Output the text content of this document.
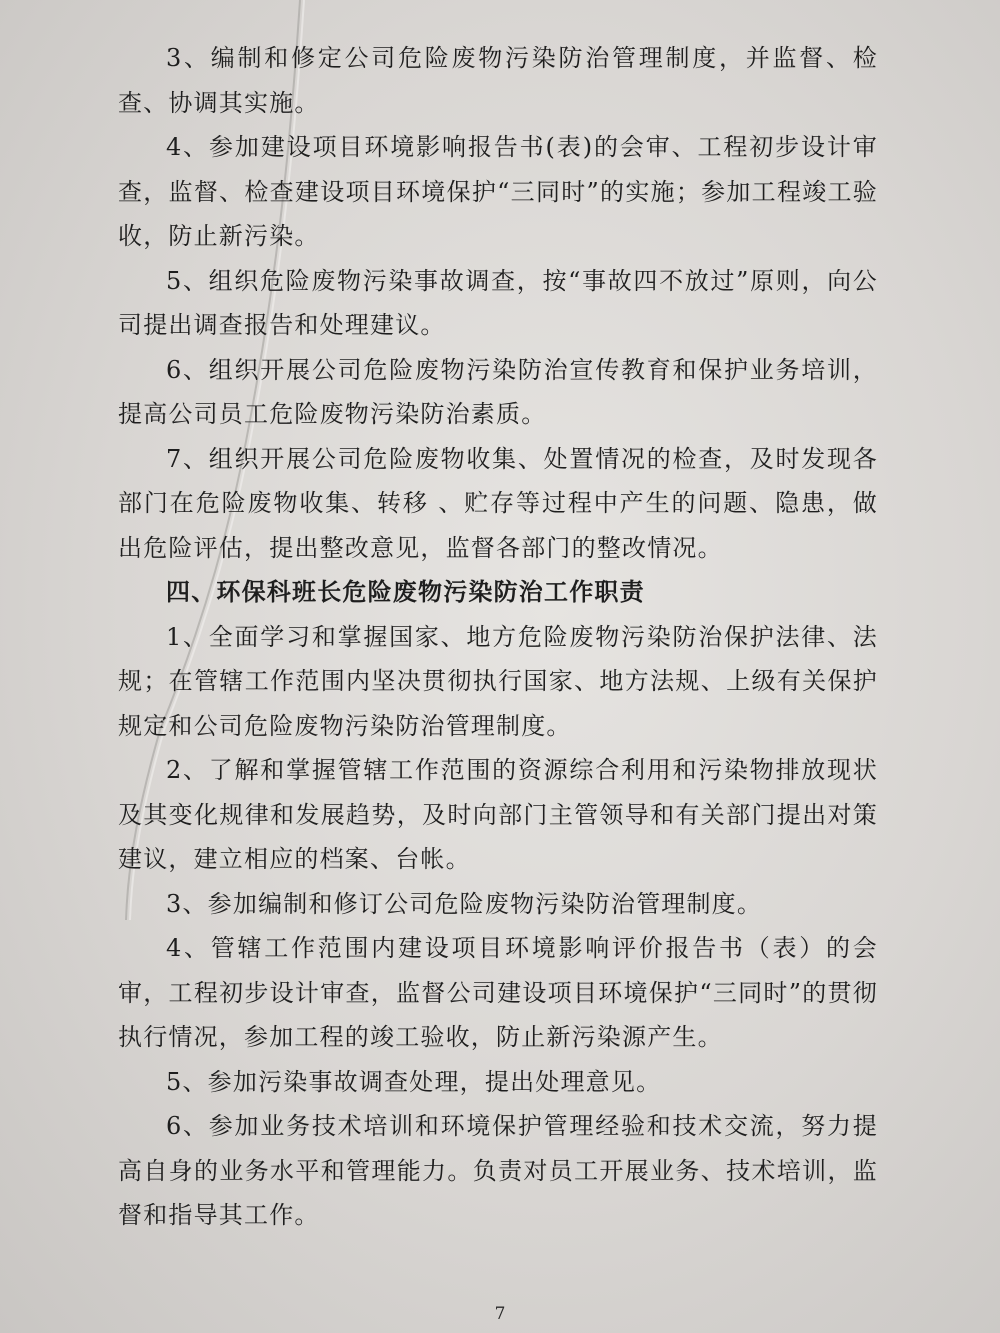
3、编制和修定公司危险废物污染防治管理制度，并监督、检查、协调其实施。

4、参加建设项目环境影响报告书(表)的会审、工程初步设计审查，监督、检查建设项目环境保护“三同时”的实施；参加工程竣工验收，防止新污染。

5、组织危险废物污染事故调查，按“事故四不放过”原则，向公司提出调查报告和处理建议。

6、组织开展公司危险废物污染防治宣传教育和保护业务培训，提高公司员工危险废物污染防治素质。

7、组织开展公司危险废物收集、处置情况的检查，及时发现各部门在危险废物收集、转移 、贮存等过程中产生的问题、隐患，做出危险评估，提出整改意见，监督各部门的整改情况。

四、环保科班长危险废物污染防治工作职责

1、全面学习和掌握国家、地方危险废物污染防治保护法律、法规；在管辖工作范围内坚决贯彻执行国家、地方法规、上级有关保护规定和公司危险废物污染防治管理制度。

2、了解和掌握管辖工作范围的资源综合利用和污染物排放现状及其变化规律和发展趋势，及时向部门主管领导和有关部门提出对策建议，建立相应的档案、台帐。

3、参加编制和修订公司危险废物污染防治管理制度。

4、管辖工作范围内建设项目环境影响评价报告书（表）的会审，工程初步设计审查，监督公司建设项目环境保护“三同时”的贯彻执行情况，参加工程的竣工验收，防止新污染源产生。

5、参加污染事故调查处理，提出处理意见。

6、参加业务技术培训和环境保护管理经验和技术交流，努力提高自身的业务水平和管理能力。负责对员工开展业务、技术培训，监督和指导其工作。

7
